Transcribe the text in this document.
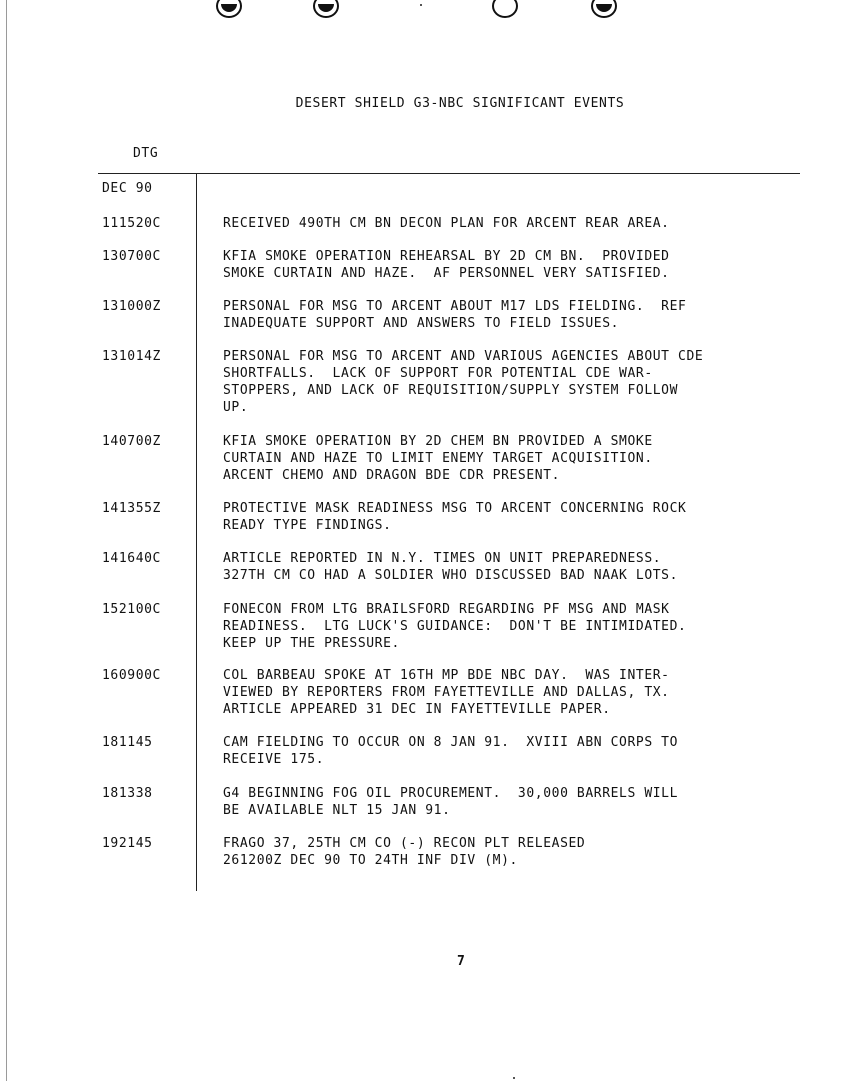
DESERT SHIELD G3-NBC SIGNIFICANT EVENTS
DTG
DEC 90
111520C	RECEIVED 490TH CM BN DECON PLAN FOR ARCENT REAR AREA.
130700C	KFIA SMOKE OPERATION REHEARSAL BY 2D CM BN.  PROVIDED
SMOKE CURTAIN AND HAZE.  AF PERSONNEL VERY SATISFIED.
131000Z	PERSONAL FOR MSG TO ARCENT ABOUT M17 LDS FIELDING.  REF
INADEQUATE SUPPORT AND ANSWERS TO FIELD ISSUES.
131014Z	PERSONAL FOR MSG TO ARCENT AND VARIOUS AGENCIES ABOUT CDE
SHORTFALLS.  LACK OF SUPPORT FOR POTENTIAL CDE WAR-
STOPPERS, AND LACK OF REQUISITION/SUPPLY SYSTEM FOLLOW
UP.
140700Z	KFIA SMOKE OPERATION BY 2D CHEM BN PROVIDED A SMOKE
CURTAIN AND HAZE TO LIMIT ENEMY TARGET ACQUISITION.
ARCENT CHEMO AND DRAGON BDE CDR PRESENT.
141355Z	PROTECTIVE MASK READINESS MSG TO ARCENT CONCERNING ROCK
READY TYPE FINDINGS.
141640C	ARTICLE REPORTED IN N.Y. TIMES ON UNIT PREPAREDNESS.
327TH CM CO HAD A SOLDIER WHO DISCUSSED BAD NAAK LOTS.
152100C	FONECON FROM LTG BRAILSFORD REGARDING PF MSG AND MASK
READINESS.  LTG LUCK'S GUIDANCE:  DON'T BE INTIMIDATED.
KEEP UP THE PRESSURE.
160900C	COL BARBEAU SPOKE AT 16TH MP BDE NBC DAY.  WAS INTER-
VIEWED BY REPORTERS FROM FAYETTEVILLE AND DALLAS, TX.
ARTICLE APPEARED 31 DEC IN FAYETTEVILLE PAPER.
181145	CAM FIELDING TO OCCUR ON 8 JAN 91.  XVIII ABN CORPS TO
RECEIVE 175.
181338	G4 BEGINNING FOG OIL PROCUREMENT.  30,000 BARRELS WILL
BE AVAILABLE NLT 15 JAN 91.
192145	FRAGO 37, 25TH CM CO (-) RECON PLT RELEASED
261200Z DEC 90 TO 24TH INF DIV (M).
7
